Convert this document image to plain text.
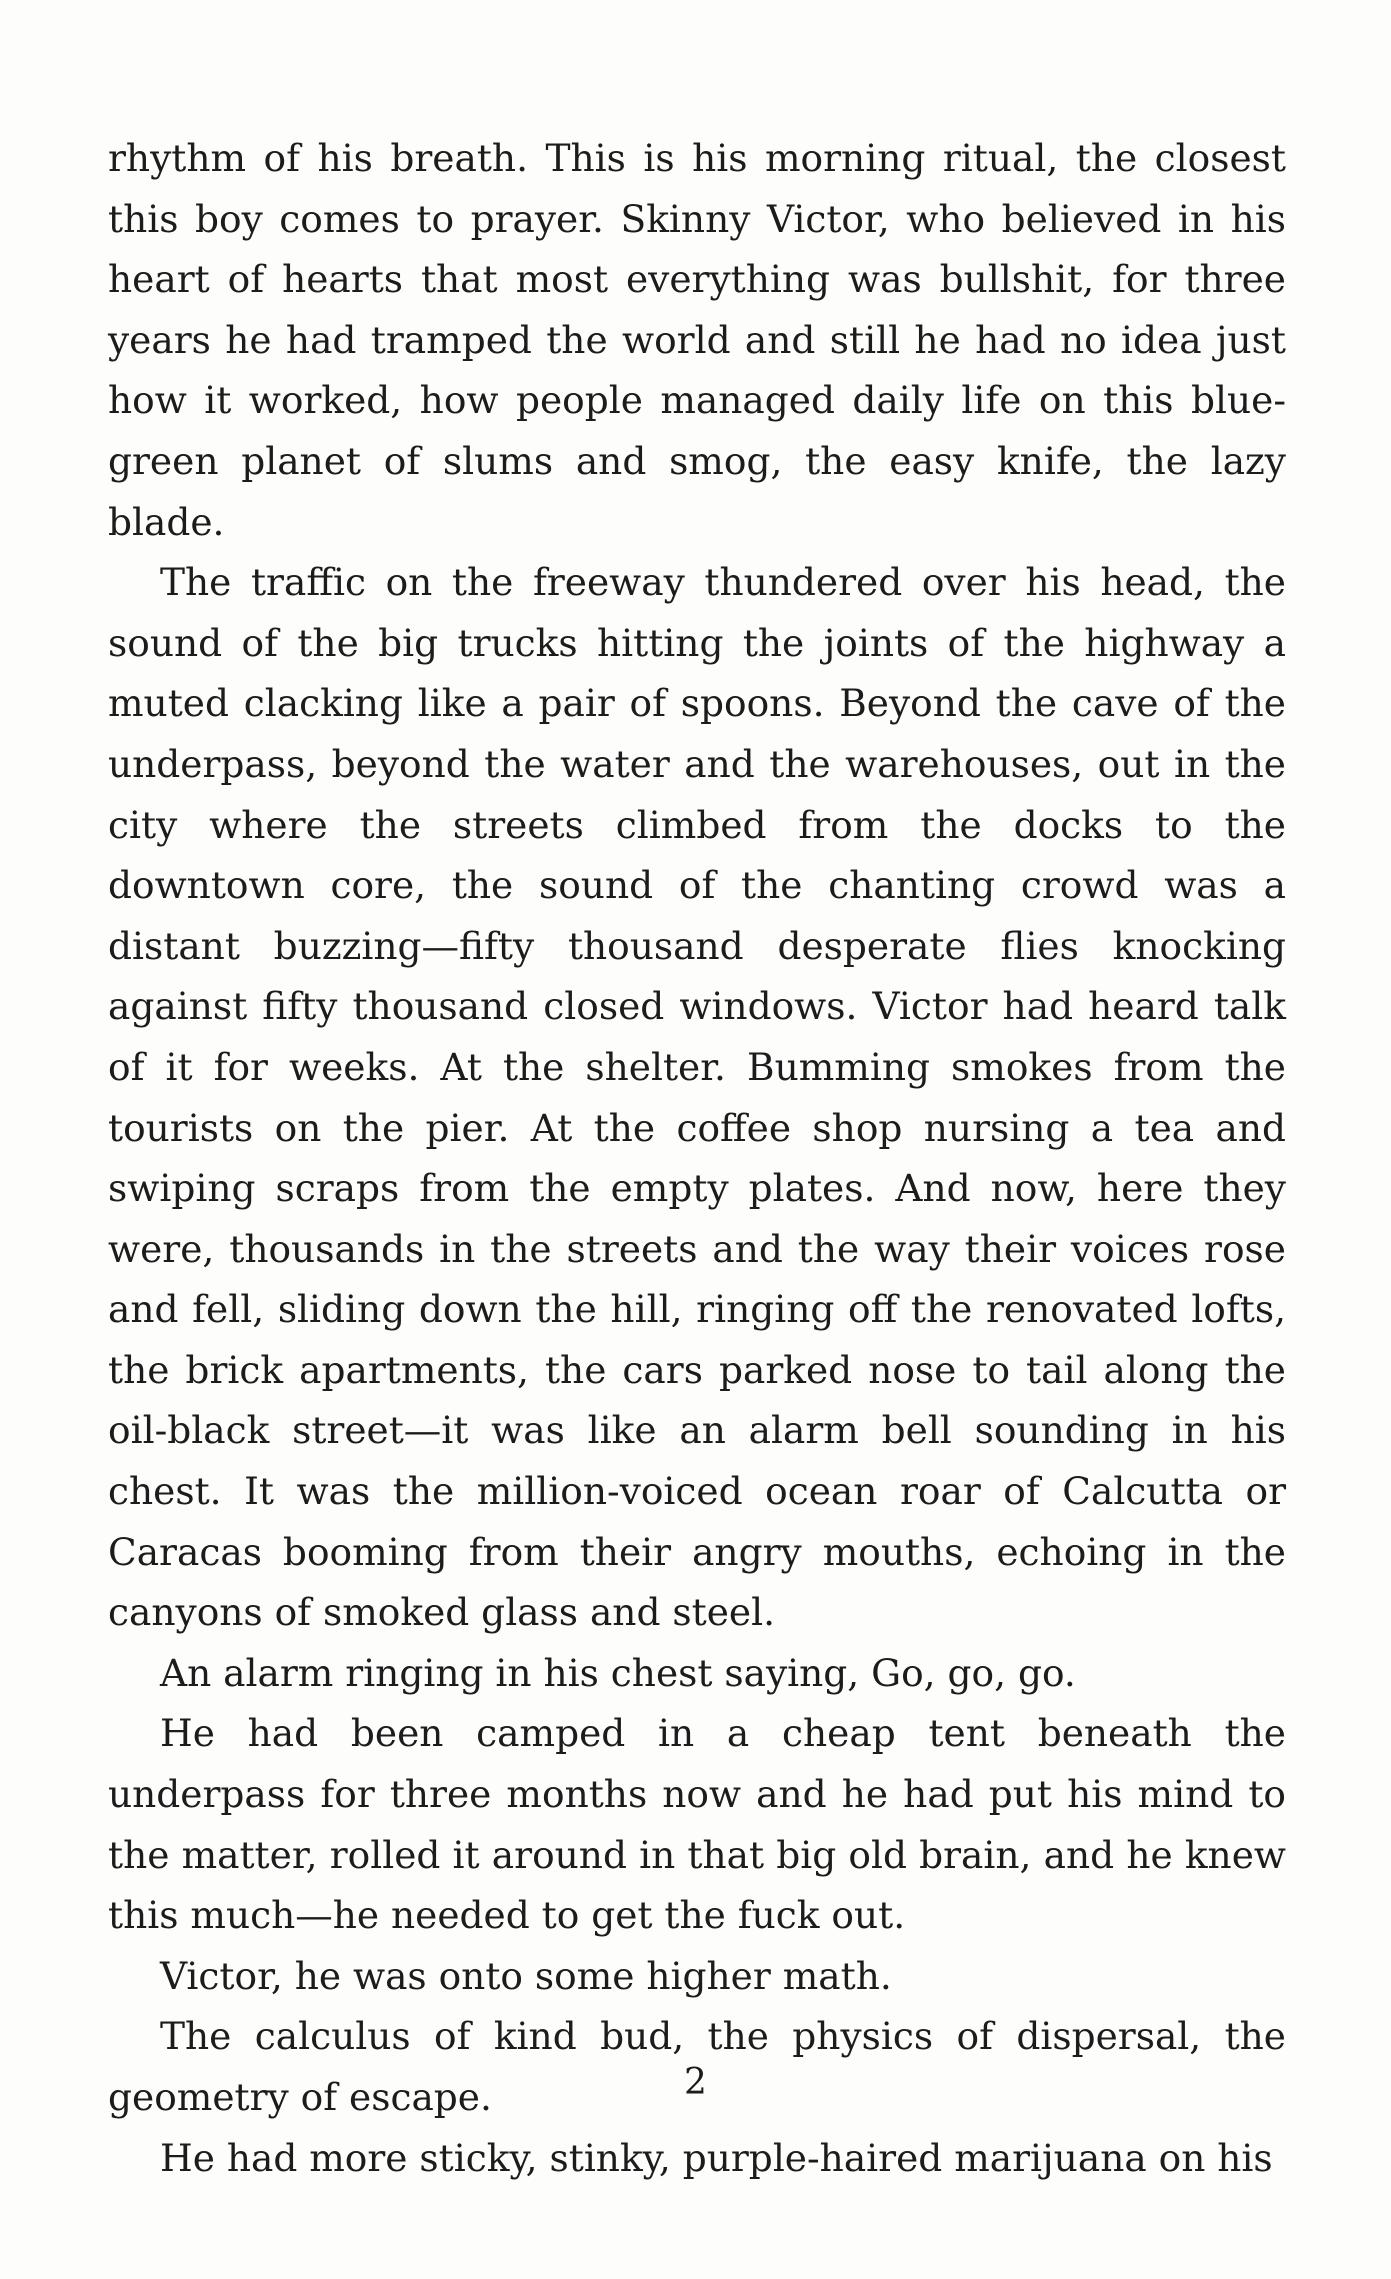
rhythm of his breath. This is his morning ritual, the closest this boy comes to prayer. Skinny Victor, who believed in his heart of hearts that most everything was bullshit, for three years he had tramped the world and still he had no idea just how it worked, how people managed daily life on this blue-green planet of slums and smog, the easy knife, the lazy blade.

The traffic on the freeway thundered over his head, the sound of the big trucks hitting the joints of the highway a muted clacking like a pair of spoons. Beyond the cave of the underpass, beyond the water and the warehouses, out in the city where the streets climbed from the docks to the downtown core, the sound of the chanting crowd was a distant buzzing—fifty thousand desperate flies knocking against fifty thousand closed windows. Victor had heard talk of it for weeks. At the shelter. Bumming smokes from the tourists on the pier. At the coffee shop nursing a tea and swiping scraps from the empty plates. And now, here they were, thousands in the streets and the way their voices rose and fell, sliding down the hill, ringing off the renovated lofts, the brick apartments, the cars parked nose to tail along the oil-black street—it was like an alarm bell sounding in his chest. It was the million-voiced ocean roar of Calcutta or Caracas booming from their angry mouths, echoing in the canyons of smoked glass and steel.

An alarm ringing in his chest saying, Go, go, go.

He had been camped in a cheap tent beneath the underpass for three months now and he had put his mind to the matter, rolled it around in that big old brain, and he knew this much—he needed to get the fuck out.

Victor, he was onto some higher math.

The calculus of kind bud, the physics of dispersal, the geometry of escape.

He had more sticky, stinky, purple-haired marijuana on his

2
